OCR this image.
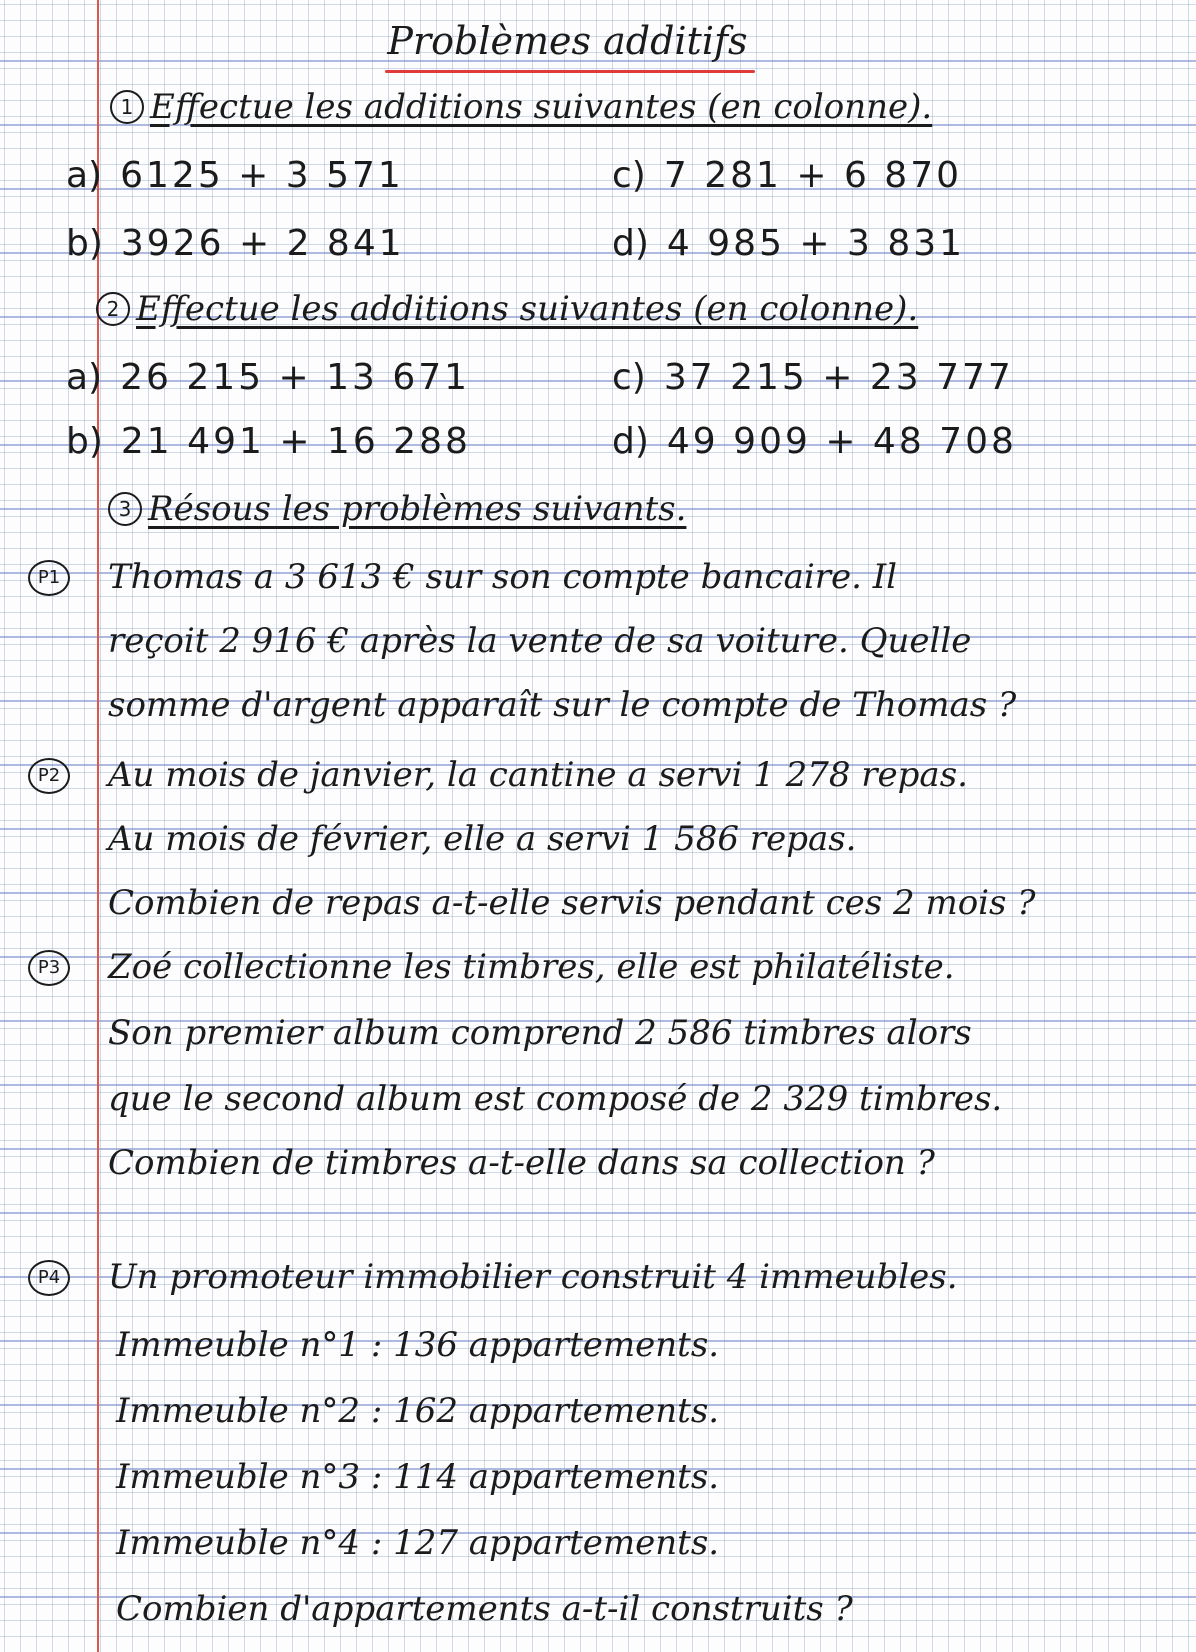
Problèmes additifs
1 Effectue les additions suivantes (en colonne).
a) 6125 + 3 571	c) 7 281 + 6 870
b) 3926 + 2 841	d) 4 985 + 3 831
2 Effectue les additions suivantes (en colonne).
a) 26 215 + 13 671	c) 37 215 + 23 777
b) 21 491 + 16 288	d) 49 909 + 48 708
3 Résous les problèmes suivants.
P1 Thomas a 3 613 € sur son compte bancaire. Il
reçoit 2 916 € après la vente de sa voiture. Quelle
somme d'argent apparaît sur le compte de Thomas ?
P2 Au mois de janvier, la cantine a servi 1 278 repas.
Au mois de février, elle a servi 1 586 repas.
Combien de repas a-t-elle servis pendant ces 2 mois ?
P3 Zoé collectionne les timbres, elle est philatéliste.
Son premier album comprend 2 586 timbres alors
que le second album est composé de 2 329 timbres.
Combien de timbres a-t-elle dans sa collection ?
P4 Un promoteur immobilier construit 4 immeubles.
Immeuble n°1 : 136 appartements.
Immeuble n°2 : 162 appartements.
Immeuble n°3 : 114 appartements.
Immeuble n°4 : 127 appartements.
Combien d'appartements a-t-il construits ?
